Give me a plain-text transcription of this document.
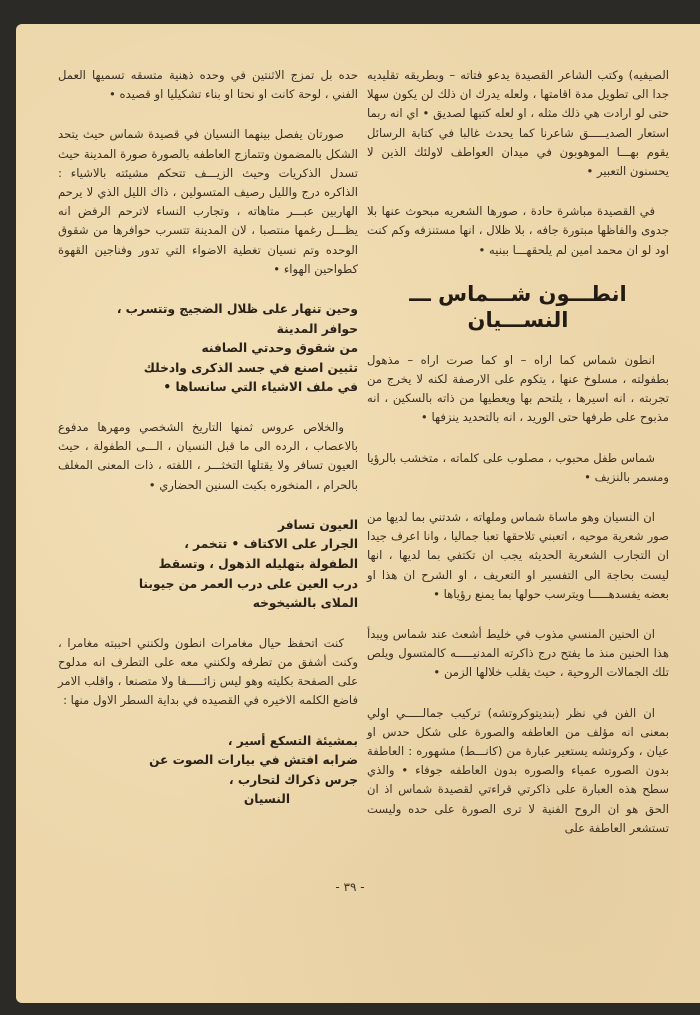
الصيفيه) وكتب الشاعر القصيدة يدعو فتاته – وبطريقه تقليديه جدا الى تطويل مدة اقامتها ، ولعله يدرك ان ذلك لن يكون سهلا حتى لو ارادت هي ذلك مثله ، او لعله كتبها لصديق • اي انه ربما استعار الصديـــــق شاعرنا كما يحدث غالبا في كتابة الرسائل يقوم بهـــا الموهوبون في ميدان العواطف لاولئك الذين لا يحسنون التعبير •

في القصيدة مباشرة حادة ، صورها الشعريه مبحوث عنها بلا جدوى والفاظها مبتورة جافه ، بلا ظلال ، انها مستنزفه وكم كنت اود لو ان محمد امين لم يلحقهـــا ببنيه •

انطـــون شـــماس ـــ النســـيان

انطون شماس كما اراه – او كما صرت اراه – مذهول بطفولته ، مسلوخ عنها ، يتكوم على الارصفة لكنه لا يخرج من تجربته ، انه اسيرها ، يلتحم بها ويعطيها من ذاته بالسكين ، انه مذبوح على طرفها حتى الوريد ، انه بالتحديد ينزفها •

شماس طفل محبوب ، مصلوب على كلماته ، متخشب بالرؤيا ومسمر بالنزيف •

ان النسيان وهو ماساة شماس وملهاته ، شدتني بما لديها من صور شعرية موحيه ، اتعبني تلاحقها تعبا جماليا ، وانا اعرف جيدا ان التجارب الشعرية الحديثه يجب ان تكتفي بما لديها ، انها ليست بحاجة الى التفسير او التعريف ، او الشرح ان هذا او بعضه يفسدهـــــا ويترسب حولها بما يمنع رؤياها •

ان الحنين المنسي مذوب في خليط أشعث عند شماس ويبدأ هذا الحنين منذ ما يفتح درج ذاكرته المدنيـــــه كالمتسول ويلص تلك الجمالات الروحية ، حيث يقلب خلالها الزمن •

ان الفن في نظر (بنديتوكروتشه) تركيب جمالـــــي اولي بمعنى انه مؤلف من العاطفه والصورة على شكل حدس او عيان ، وكروتشه يستعير عبارة من (كانـــط) مشهوره : العاطفة بدون الصوره عمياء والصوره بدون العاطفه جوفاء • والذي سطح هذه العبارة على ذاكرتي قراءتي لقصيدة شماس اذ ان الحق هو ان الروح الفنية لا ترى الصورة على حده وليست تستشعر العاطفة على

حده بل تمزج الاثنتين في وحده ذهنية متسقه تسميها العمل الفني ، لوحة كانت او نحتا او بناء تشكيليا او قصيده •

صورتان يفصل بينهما النسيان في قصيدة شماس حيث يتحد الشكل بالمضمون وتتمازج العاطفه بالصورة صورة المدينة حيث تسدل الذكريات وحيث الزيـــف تتحكم مشيئته بالاشياء : الذاكره درج والليل رصيف المتسولين ، ذاك الليل الذي لا يرحم الهاربين عبـــر متاهاته ، وتجارب النساء لاترحم الرفض انه يظـــل رغمها منتصبا ، لان المدينة تتسرب حوافرها من شقوق الوحده وتم نسيان تغطية الاضواء التي تدور وفناجين القهوة كطواحين الهواء •

وحين تنهار على ظلال الضجيج وتتسرب ،
حوافر المدينة
من شقوق وحدتي الصافنه
تثبين اصنع في جسد الذكرى وادخلك
في ملف الاشياء التي سانساها •

والخلاص عروس ثمنها التاريخ الشخصي ومهرها مدفوع بالاعصاب ، الرده الى ما قبل النسيان ، الـــى الطفولة ، حيث العيون تسافر ولا يقتلها التخثـــر ، اللفته ، ذات المعنى المغلف بالحرام ، المنخوره بكبت السنين الحضاري •

العيون تسافر
الجرار على الاكتاف • تتخمر ،
الطفولة بتهليله الذهول ، وتسقط
درب العين على درب العمر من جيوبنا
الملاى بالشيخوخه

كنت اتحفظ حيال مغامرات انطون ولكنني احببته مغامرا ، وكنت أشفق من تطرفه ولكنني معه على التطرف انه مدلوح على الصفحة بكليته وهو ليس زائـــــفا ولا متصنعا ، واقلب الامر فاضع الكلمه الاخيره في القصيده في بداية السطر الاول منها :

بمشيئة التسكع أسير ،
ضرابه افتش في بيارات الصوت عن
جرس ذكراك لتحارب ،
النسيان
- ٣٩ -
